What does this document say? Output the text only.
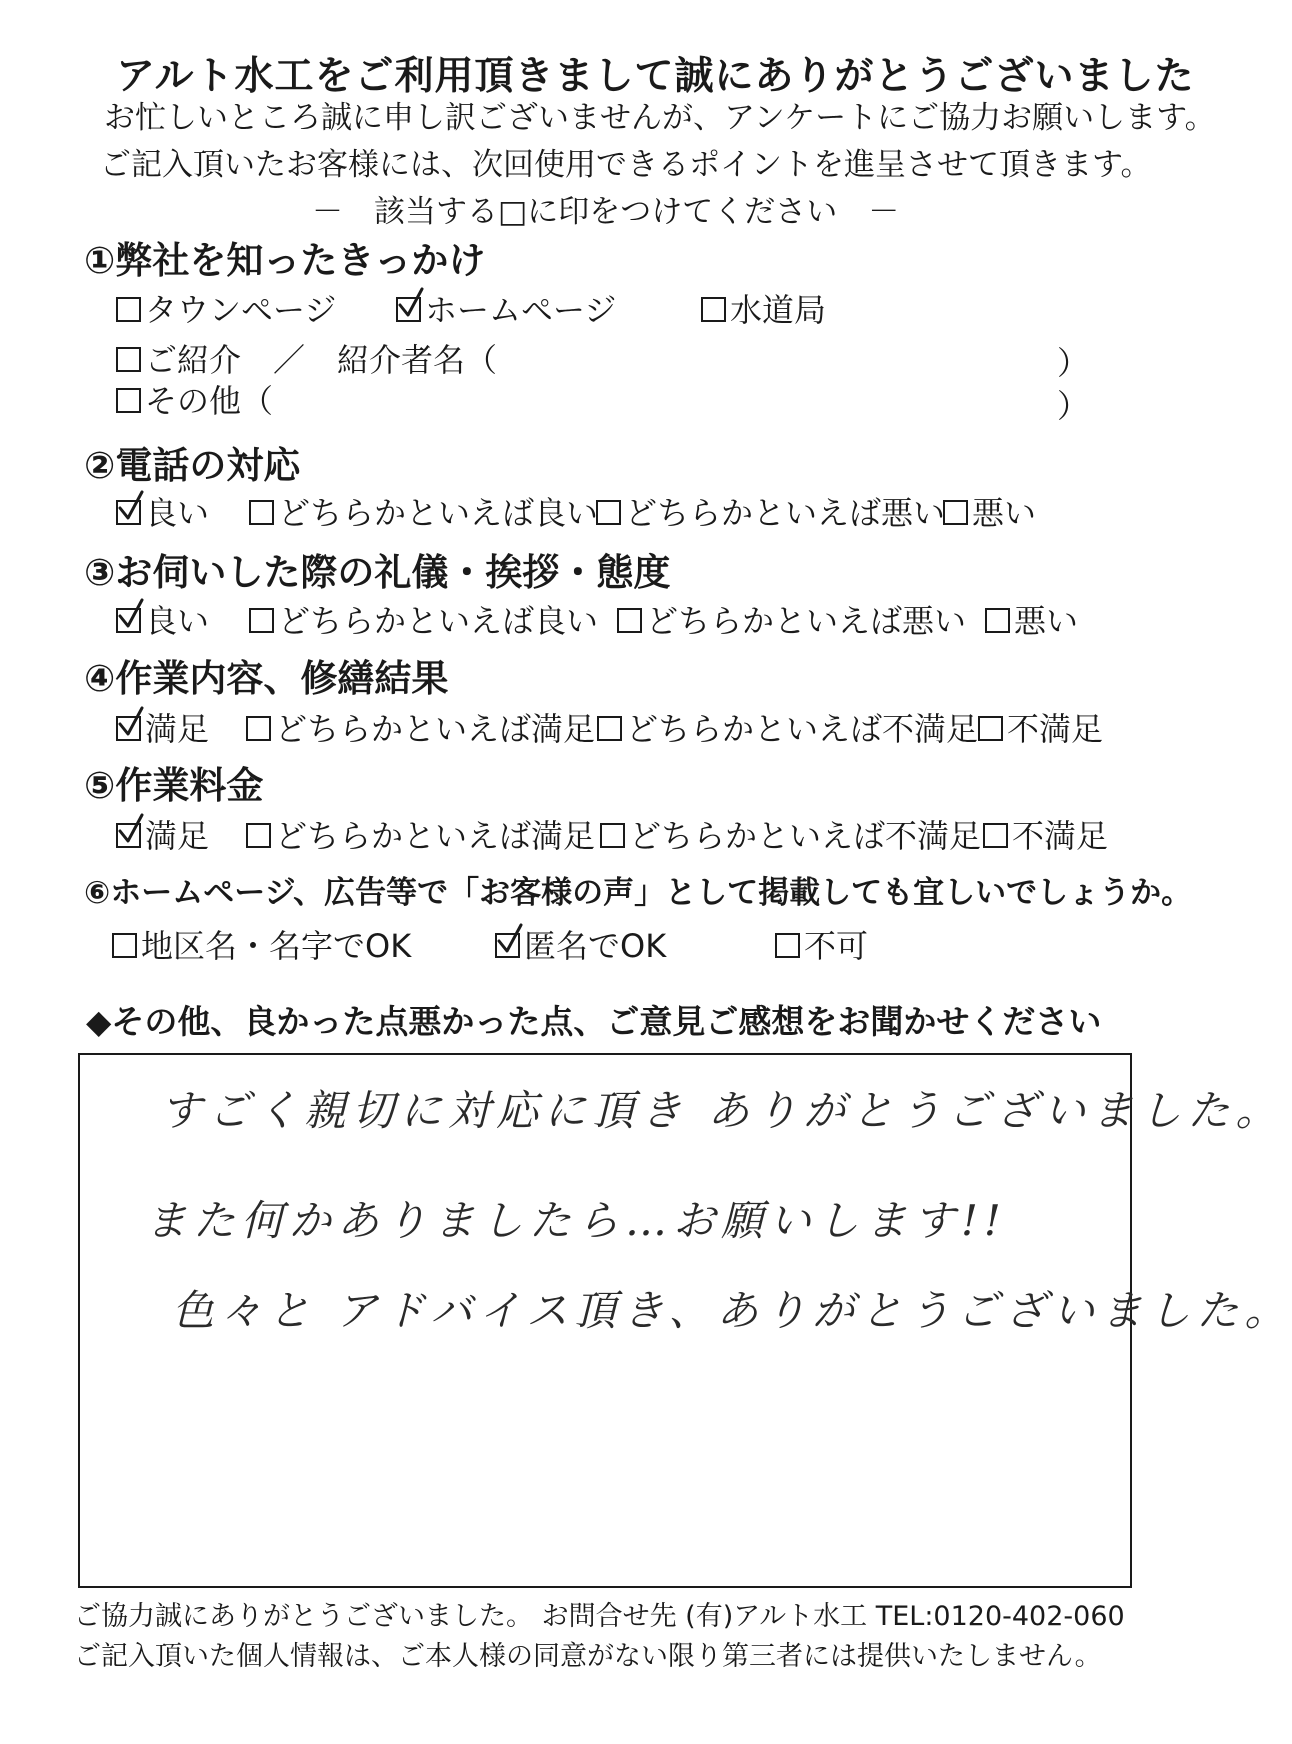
アルト水工をご利用頂きまして誠にありがとうございました
お忙しいところ誠に申し訳ございませんが、アンケートにご協力お願いします。
ご記入頂いたお客様には、次回使用できるポイントを進呈させて頂きます。
－　該当する□に印をつけてください　－
①弊社を知ったきっかけ
タウンページ	ホームページ	水道局
ご紹介　／　紹介者名（	）
その他（	）
②電話の対応
良い どちらかといえば良い どちらかといえば悪い 悪い
③お伺いした際の礼儀・挨拶・態度
良い どちらかといえば良い どちらかといえば悪い 悪い
④作業内容、修繕結果
満足 どちらかといえば満足 どちらかといえば不満足 不満足
⑤作業料金
満足 どちらかといえば満足 どちらかといえば不満足 不満足
⑥ホームページ、広告等で「お客様の声」として掲載しても宜しいでしょうか。
地区名・名字でOK	匿名でOK	不可
◆その他、良かった点悪かった点、ご意見ご感想をお聞かせください
すごく親切に対応に頂き ありがとうございました。
また何かありましたら…お願いします!!
色々と アドバイス頂き、ありがとうございました。
ご協力誠にありがとうございました。 お問合せ先 (有)アルト水工 TEL:0120-402-060
ご記入頂いた個人情報は、ご本人様の同意がない限り第三者には提供いたしません。
